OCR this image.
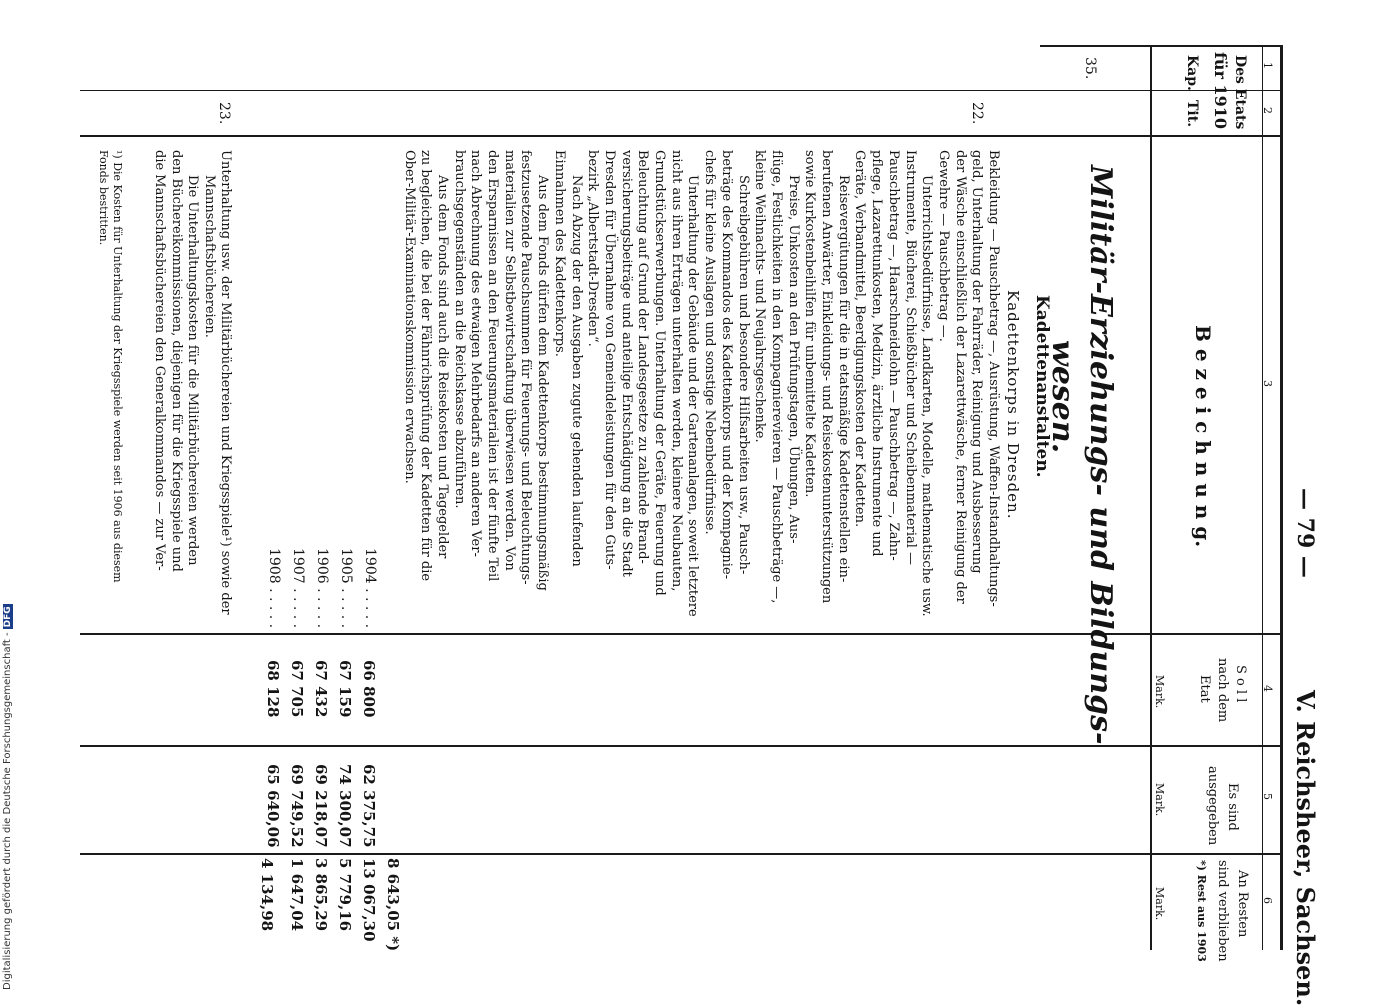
— 79 —
V. Reichsheer, Sachsen.
1
2
3
4
5
6
Des Etats
für 1910
Kap.
Tit.
B e z e i c h n u n g.
S o l l
nach dem
Etat
Mark.
Es sind
ausgegeben
Mark.
An Resten
sind verblieben
*) Rest aus 1903
Mark.
35.
22.
23.
Militär-Erziehungs- und Bildungs-
wesen.
Kadettenanstalten.
Kadettenkorps in Dresden.
Bekleidung — Pauschbetrag —, Ausrüstung, Waffen-Instandhaltungs-
geld, Unterhaltung der Fahrräder, Reinigung und Ausbesserung
der Wäsche einschließlich der Lazarettwäsche, ferner Reinigung der
Gewehre — Pauschbetrag —.
Unterrichtsbedürfnisse, Landkarten, Modelle, mathematische usw.
Instrumente, Bücherei, Schießbücher und Scheibenmaterial —
Pauschbetrag —, Haarschneidelohn — Pauschbetrag —, Zahn-
pflege, Lazarettunkosten, Medizin, ärztliche Instrumente und
Geräte, Verbandmittel, Beerdigungskosten der Kadetten.
Reisevergütungen für die in etatsmäßige Kadettenstellen ein-
berufenen Anwärter, Einkleidungs- und Reisekostenunterstützungen
sowie Kurkostenbeihilfen für unbemittelte Kadetten.
Preise, Unkosten an den Prüfungstagen, Übungen, Aus-
flüge, Festlichkeiten in den Kompagnierevieren — Pauschbeträge —,
kleine Weihnachts- und Neujahrsgeschenke.
Schreibgebühren und besondere Hilfsarbeiten usw., Pausch-
beträge des Kommandos des Kadettenkorps und der Kompagnie-
chefs für kleine Auslagen und sonstige Nebenbedürfnisse.
Unterhaltung der Gebäude und der Gartenanlagen, soweit letztere
nicht aus ihren Erträgen unterhalten werden, kleinere Neubauten,
Grundstückserwerbungen. Unterhaltung der Geräte, Feuerung und
Beleuchtung auf Grund der Landesgesetze zu zahlende Brand-
versicherungsbeiträge und anteilige Entschädigung an die Stadt
Dresden für Übernahme von Gemeindeleistungen für den Guts-
bezirk „Albertstadt-Dresden“.
Nach Abzug der den Ausgaben zugute gehenden laufenden
Einnahmen des Kadettenkorps.
Aus dem Fonds dürfen dem Kadettenkorps bestimmungsmäßig
festzusetzende Pauschsummen für Feuerungs- und Beleuchtungs-
materialien zur Selbstbewirtschaftung überwiesen werden. Von
den Ersparnissen an den Feuerungsmaterialien ist der fünfte Teil
nach Abrechnung des etwaigen Mehrbedarfs an anderen Ver-
brauchsgegenständen an die Reichskasse abzuführen.
Aus dem Fonds sind auch die Reisekosten und Tagegelder
zu begleichen, die bei der Fähnrichsprüfung der Kadetten für die
Ober-Militär-Examinationskommission erwachsen.
1904 . . . . .
66 800
62 375,75
8 643,05 *)
1905 . . . . .
67 159
74 300,07
13 067,30
1906 . . . . .
67 432
69 218,07
5 779,16
1907 . . . . .
67 705
69 749,52
3 865,29
1908 . . . . .
68 128
65 640,06
1 647,04
4 134,98
Unterhaltung usw. der Militärbüchereien und Kriegsspiele¹) sowie der
Mannschaftsbüchereien.
Die Unterhaltungskosten für die Militärbüchereien werden
den Büchereikommissionen, diejenigen für die Kriegsspiele und
die Mannschaftsbüchereien den Generalkommandos — zur Ver-
¹) Die Kosten für Unterhaltung der Kriegsspiele werden seit 1906 aus diesem
Fonds bestritten.
Digitalisierung gefördert durch die Deutsche Forschungsgemeinschaft -DFG
